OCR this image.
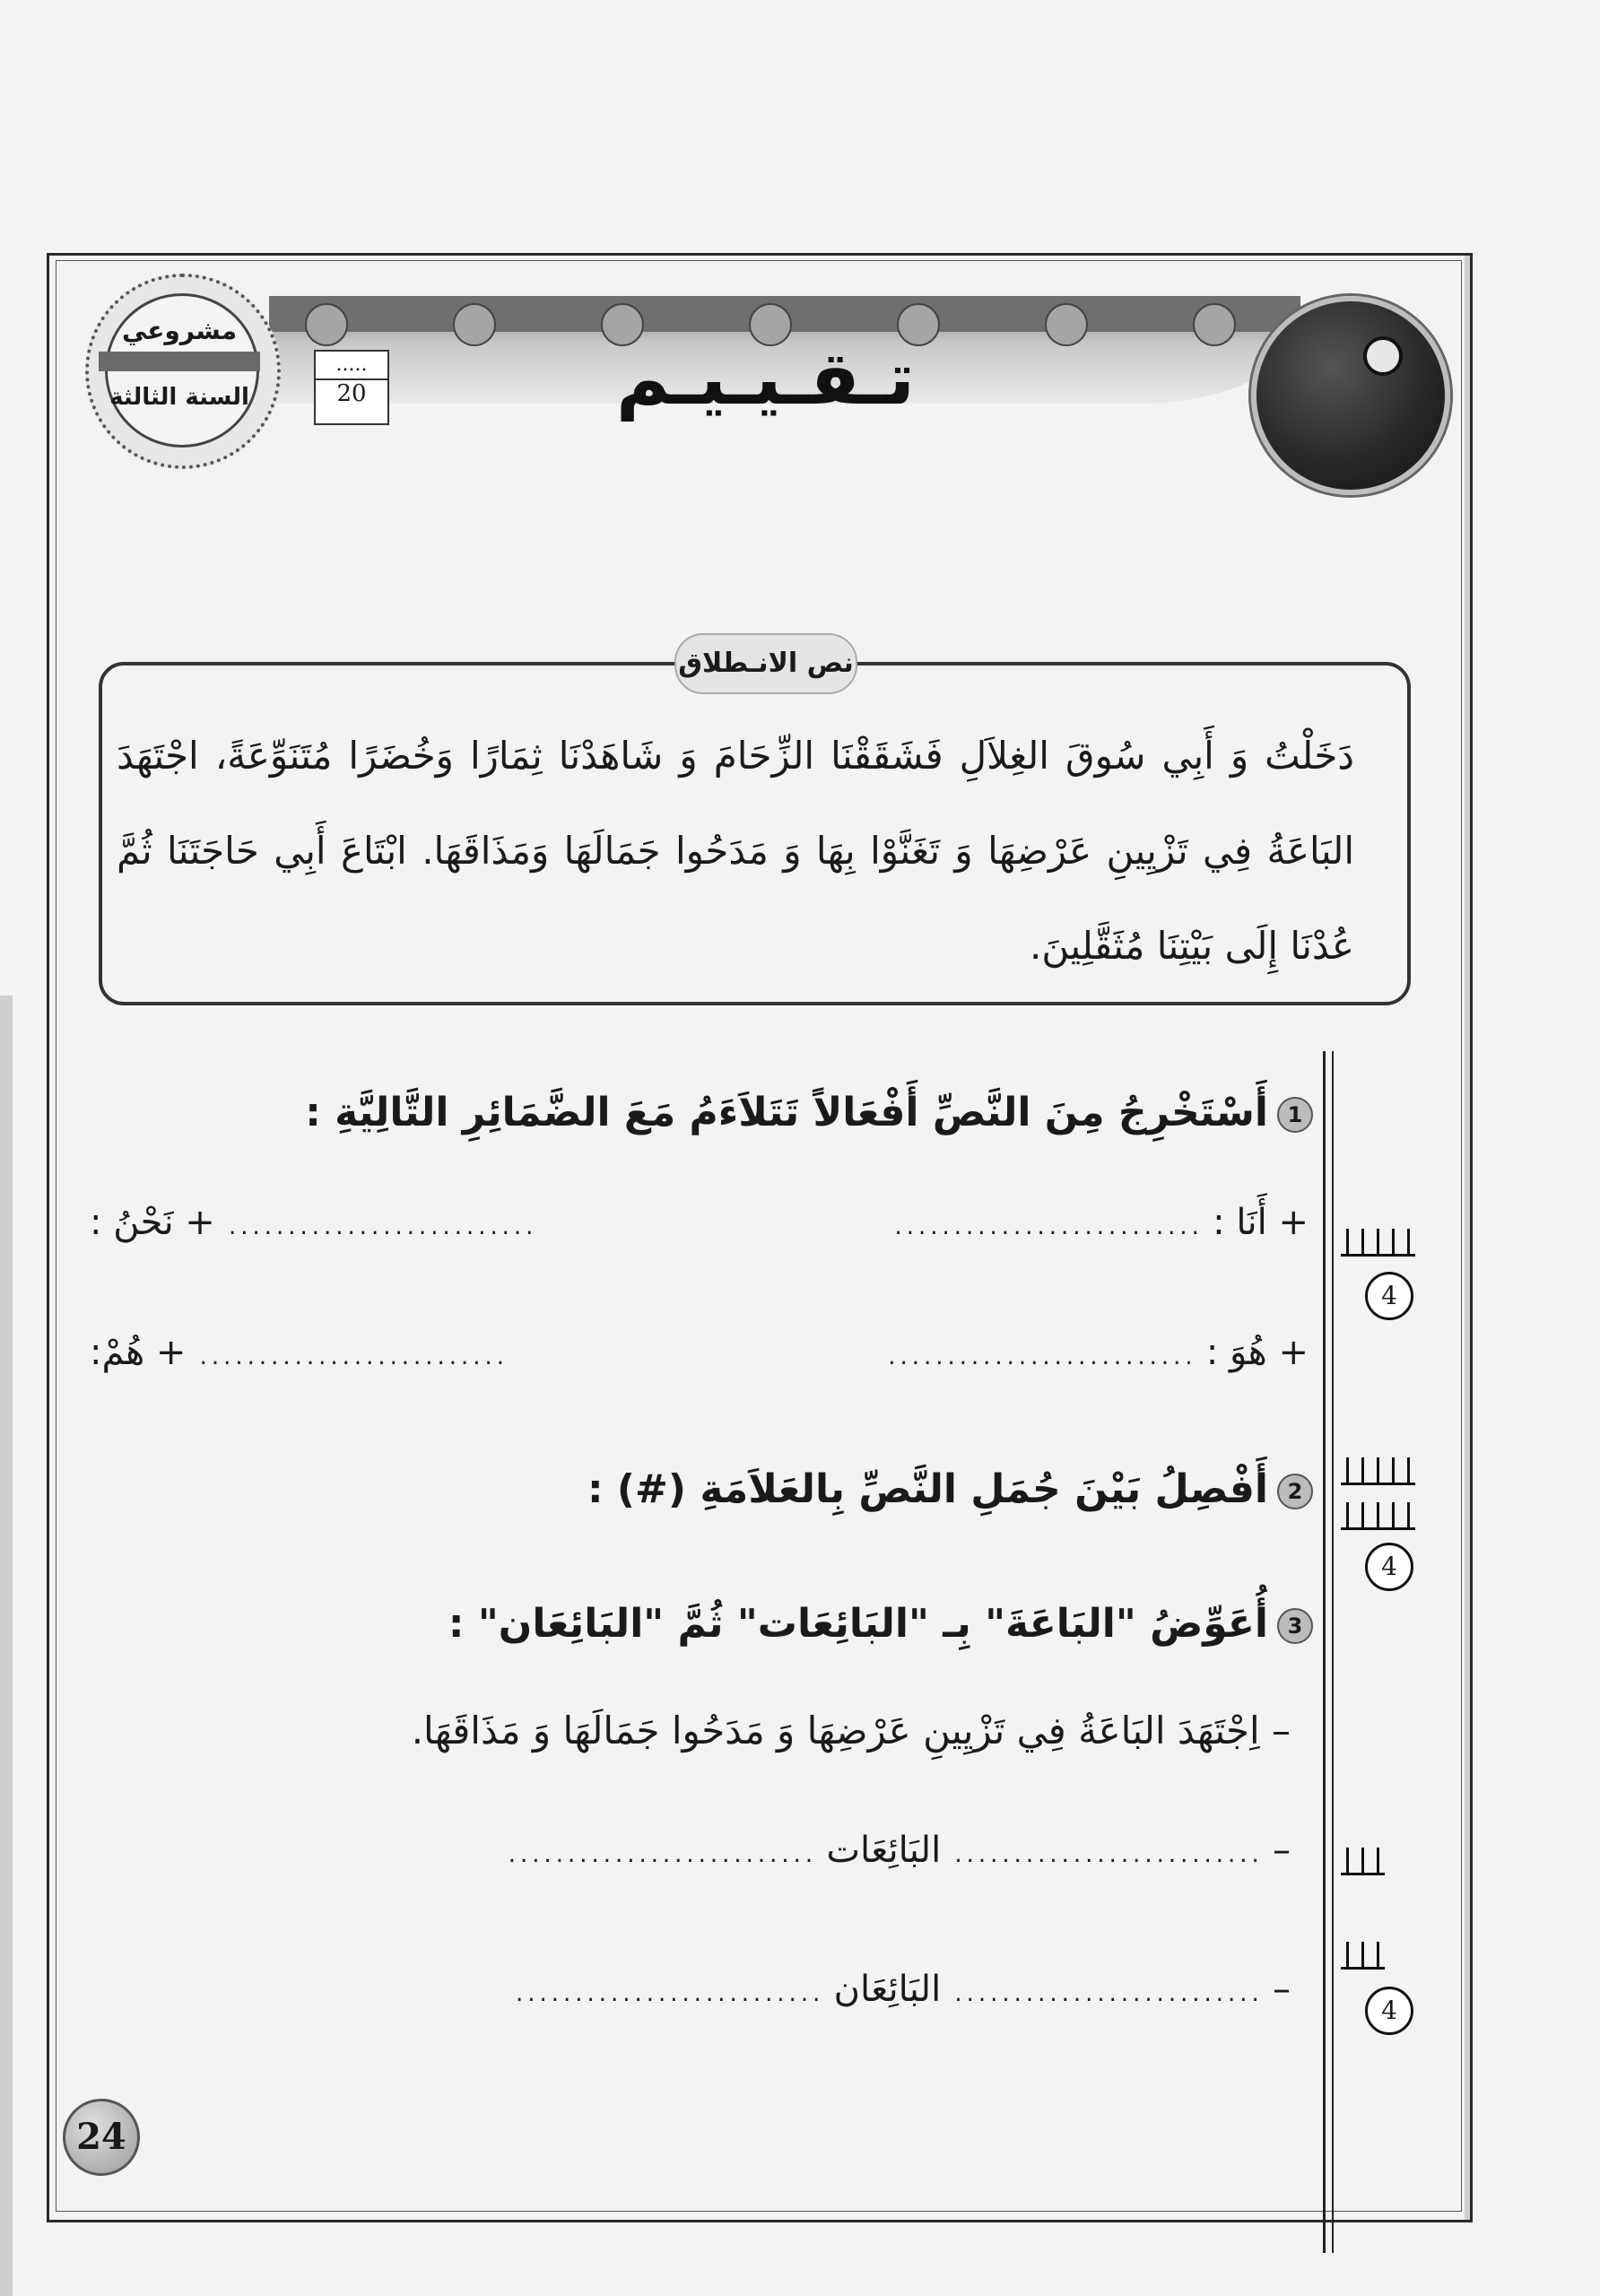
تـقـيـيـم
.....
20
مشروعي
السنة الثالثة
نص الانـطلاق
دَخَلْتُ وَ أَبِي سُوقَ الغِلاَلِ فَشَقَقْنَا الزِّحَامَ وَ شَاهَدْنَا ثِمَارًا وَخُضَرًا مُتَنَوِّعَةً، اجْتَهَدَ البَاعَةُ فِي تَزْيِينِ عَرْضِهَا وَ تَغَنَّوْا بِهَا وَ مَدَحُوا جَمَالَهَا وَمَذَاقَهَا. ابْتَاعَ أَبِي حَاجَتَنَا ثُمَّ عُدْنَا إِلَى بَيْتِنَا مُثَقَّلِينَ.
1أَسْتَخْرِجُ مِنَ النَّصِّ أَفْعَالاً تَتَلاَءَمُ مَعَ الضَّمَائِرِ التَّالِيَّةِ :
+ أَنَا : ..........................
.......................... + نَحْنُ :
+ هُوَ : ..........................
.......................... + هُمْ:
4
2أَفْصِلُ بَيْنَ جُمَلِ النَّصِّ بِالعَلاَمَةِ (#) :
4
3أُعَوِّضُ "البَاعَةَ" بِـ "البَائِعَات" ثُمَّ "البَائِعَان" :
– اِجْتَهَدَ البَاعَةُ فِي تَزْيِينِ عَرْضِهَا وَ مَدَحُوا جَمَالَهَا وَ مَذَاقَهَا.
– .......................... البَائِعَات ..........................
– .......................... البَائِعَان ..........................
4
24
